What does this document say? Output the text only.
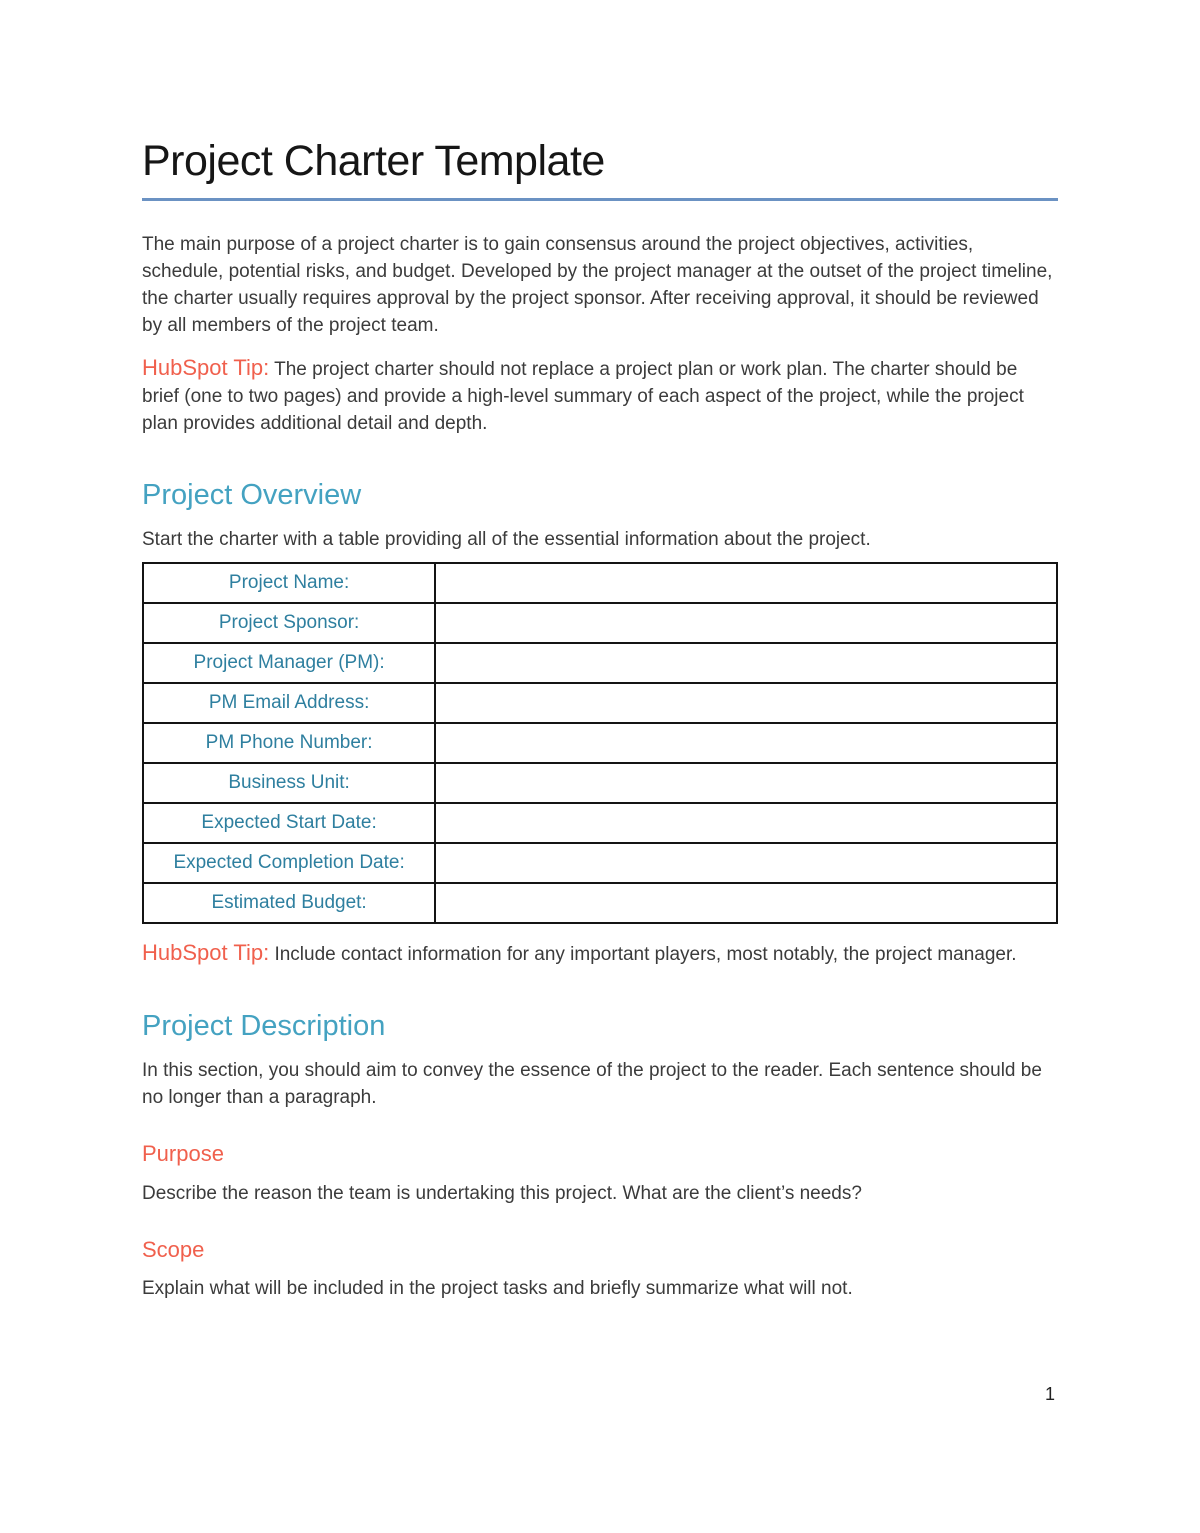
Project Charter Template

The main purpose of a project charter is to gain consensus around the project objectives, activities, schedule, potential risks, and budget. Developed by the project manager at the outset of the project timeline, the charter usually requires approval by the project sponsor. After receiving approval, it should be reviewed by all members of the project team.

HubSpot Tip: The project charter should not replace a project plan or work plan. The charter should be brief (one to two pages) and provide a high-level summary of each aspect of the project, while the project plan provides additional detail and depth.

Project Overview

Start the charter with a table providing all of the essential information about the project.

Project Name:	
Project Sponsor:	
Project Manager (PM):	
PM Email Address:	
PM Phone Number:	
Business Unit:	
Expected Start Date:	
Expected Completion Date:	
Estimated Budget:	

HubSpot Tip: Include contact information for any important players, most notably, the project manager.

Project Description

In this section, you should aim to convey the essence of the project to the reader. Each sentence should be no longer than a paragraph.

Purpose

Describe the reason the team is undertaking this project. What are the client’s needs?

Scope

Explain what will be included in the project tasks and briefly summarize what will not.

1
